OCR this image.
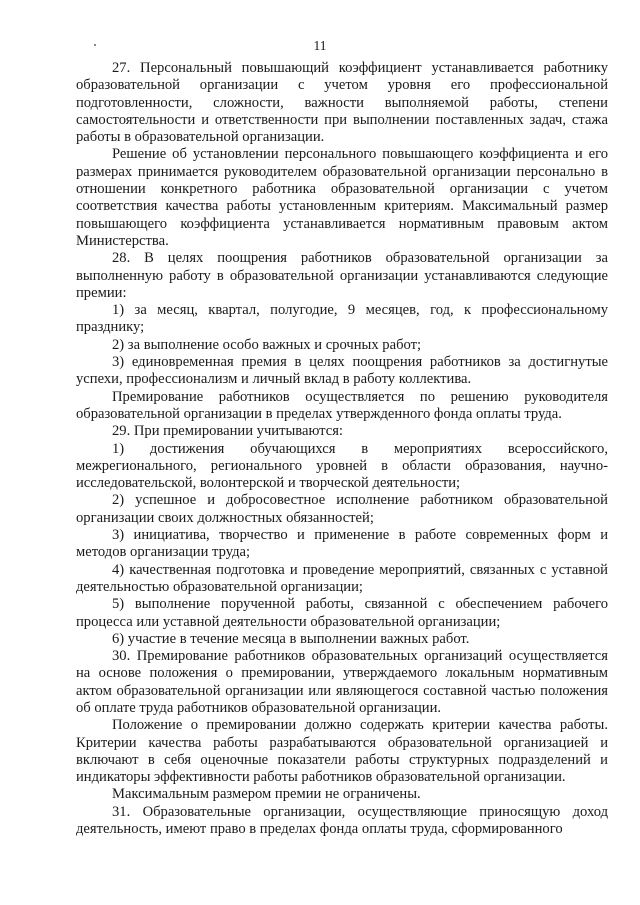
11

27. Персональный повышающий коэффициент устанавливается работнику образовательной организации с учетом уровня его профессиональной подготовленности, сложности, важности выполняемой работы, степени самостоятельности и ответственности при выполнении поставленных задач, стажа работы в образовательной организации.

Решение об установлении персонального повышающего коэффициента и его размерах принимается руководителем образовательной организации персонально в отношении конкретного работника образовательной организации с учетом соответствия качества работы установленным критериям. Максимальный размер повышающего коэффициента устанавливается нормативным правовым актом Министерства.

28. В целях поощрения работников образовательной организации за выполненную работу в образовательной организации устанавливаются следующие премии:

1) за месяц, квартал, полугодие, 9 месяцев, год, к профессиональному празднику;

2) за выполнение особо важных и срочных работ;

3) единовременная премия в целях поощрения работников за достигнутые успехи, профессионализм и личный вклад в работу коллектива.

Премирование работников осуществляется по решению руководителя образовательной организации в пределах утвержденного фонда оплаты труда.

29. При премировании учитываются:

1) достижения обучающихся в мероприятиях всероссийского, межрегионального, регионального уровней в области образования, научно-исследовательской, волонтерской и творческой деятельности;

2) успешное и добросовестное исполнение работником образовательной организации своих должностных обязанностей;

3) инициатива, творчество и применение в работе современных форм и методов организации труда;

4) качественная подготовка и проведение мероприятий, связанных с уставной деятельностью образовательной организации;

5) выполнение порученной работы, связанной с обеспечением рабочего процесса или уставной деятельности образовательной организации;

6) участие в течение месяца в выполнении важных работ.

30. Премирование работников образовательных организаций осуществляется на основе положения о премировании, утверждаемого локальным нормативным актом образовательной организации или являющегося составной частью положения об оплате труда работников образовательной организации.

Положение о премировании должно содержать критерии качества работы. Критерии качества работы разрабатываются образовательной организацией и включают в себя оценочные показатели работы структурных подразделений и индикаторы эффективности работы работников образовательной организации.

Максимальным размером премии не ограничены.

31. Образовательные организации, осуществляющие приносящую доход деятельность, имеют право в пределах фонда оплаты труда, сформированного
